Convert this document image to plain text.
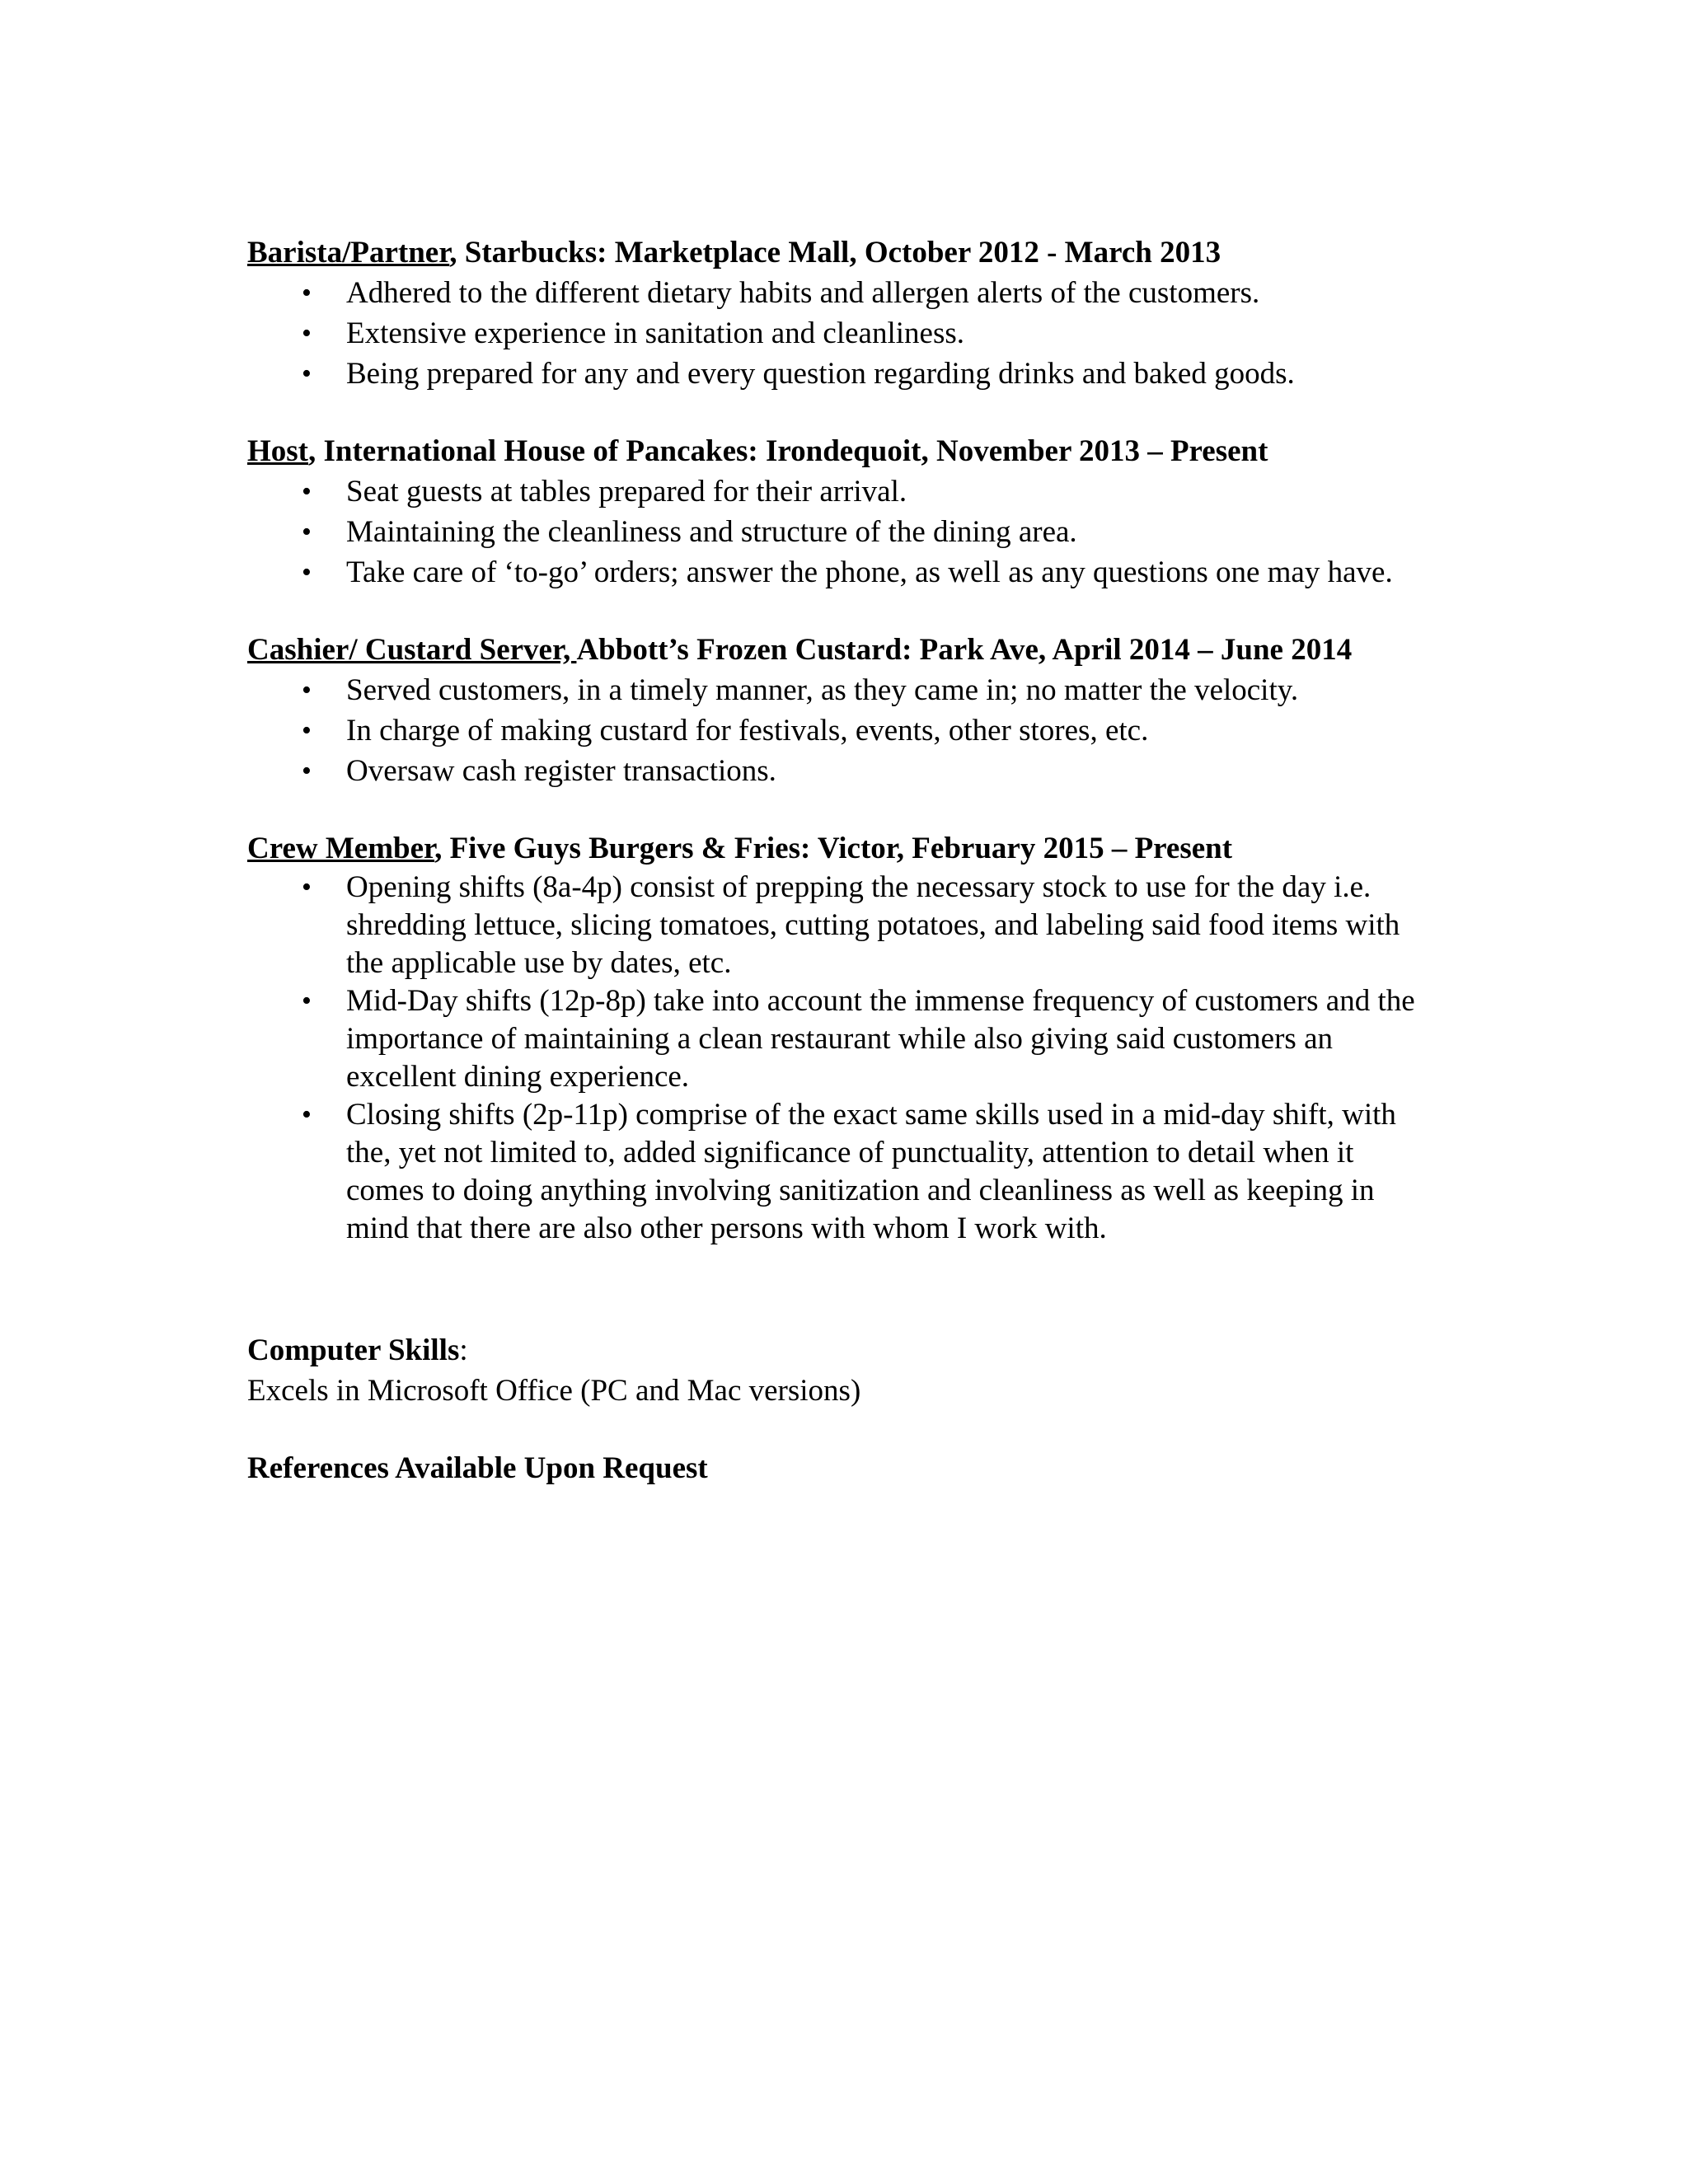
Barista/Partner, Starbucks: Marketplace Mall, October 2012 - March 2013

• Adhered to the different dietary habits and allergen alerts of the customers.
• Extensive experience in sanitation and cleanliness.
• Being prepared for any and every question regarding drinks and baked goods.

Host, International House of Pancakes: Irondequoit, November 2013 – Present

• Seat guests at tables prepared for their arrival.
• Maintaining the cleanliness and structure of the dining area.
• Take care of ‘to-go’ orders; answer the phone, as well as any questions one may have.

Cashier/ Custard Server, Abbott’s Frozen Custard: Park Ave, April 2014 – June 2014

• Served customers, in a timely manner, as they came in; no matter the velocity.
• In charge of making custard for festivals, events, other stores, etc.
• Oversaw cash register transactions.

Crew Member, Five Guys Burgers & Fries: Victor, February 2015 – Present

• Opening shifts (8a-4p) consist of prepping the necessary stock to use for the day i.e. shredding lettuce, slicing tomatoes, cutting potatoes, and labeling said food items with the applicable use by dates, etc.
• Mid-Day shifts (12p-8p) take into account the immense frequency of customers and the importance of maintaining a clean restaurant while also giving said customers an excellent dining experience.
• Closing shifts (2p-11p) comprise of the exact same skills used in a mid-day shift, with the, yet not limited to, added significance of punctuality, attention to detail when it comes to doing anything involving sanitization and cleanliness as well as keeping in mind that there are also other persons with whom I work with.
Computer Skills:
Excels in Microsoft Office (PC and Mac versions)
References Available Upon Request
